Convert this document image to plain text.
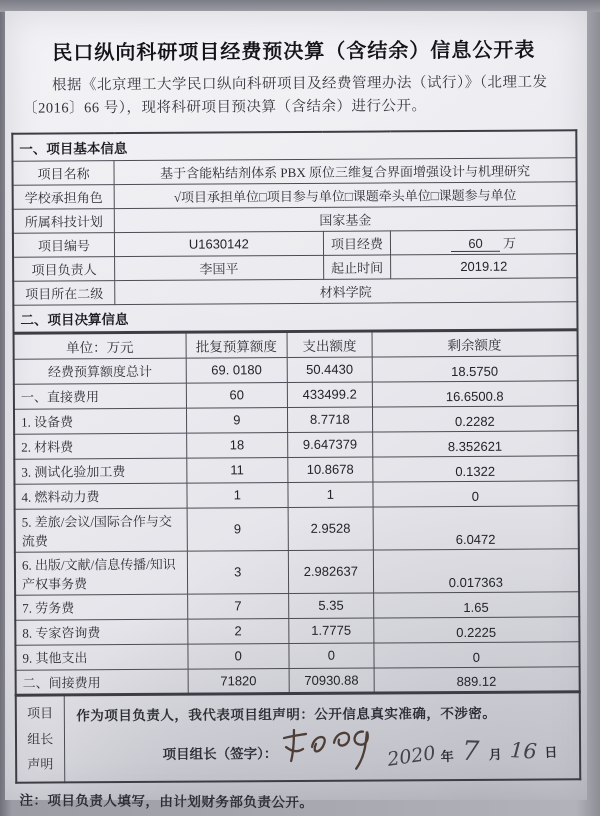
民口纵向科研项目经费预决算（含结余）信息公开表
根据《北京理工大学民口纵向科研项目及经费管理办法（试行）》（北理工发〔2016〕66 号），现将科研项目预决算（含结余）进行公开。
一、项目基本信息			
项目名称	基于含能粘结剂体系 PBX 原位三维复合界面增强设计与机理研究		
学校承担角色	√项目承担单位□项目参与单位□课题牵头单位□课题参与单位		
所属科技计划	国家基金		
项目编号	U1630142	项目经费	60 万
项目负责人	李国平	起止时间	2019.12
项目所在二级	材料学院		
二、项目决算信息			
单位：万元	批复预算额度	支出额度	剩余额度
经费预算额度总计	69. 0180	50.4430	18.5750
一、直接费用	60	433499.2	16.6500.8
1. 设备费	9	8.7718	0.2282
2. 材料费	18	9.647379	8.352621
3. 测试化验加工费	11	10.8678	0.1322
4. 燃料动力费	1	1	0
5. 差旅/会议/国际合作与交流费	9	2.9528	6.0472
6. 出版/文献/信息传播/知识产权事务费	3	2.982637	0.017363
7. 劳务费	7	5.35	1.65
8. 专家咨询费	2	1.7775	0.2225
9. 其他支出	0	0	0
二、间接费用	71820	70930.88	889.12
项目组长声明	
作为项目负责人，我代表项目组声明：公开信息真实准确，不涉密。
项目组长（签字）：	2020 年 7 月 16 日
注：项目负责人填写，由计划财务部负责公开。
